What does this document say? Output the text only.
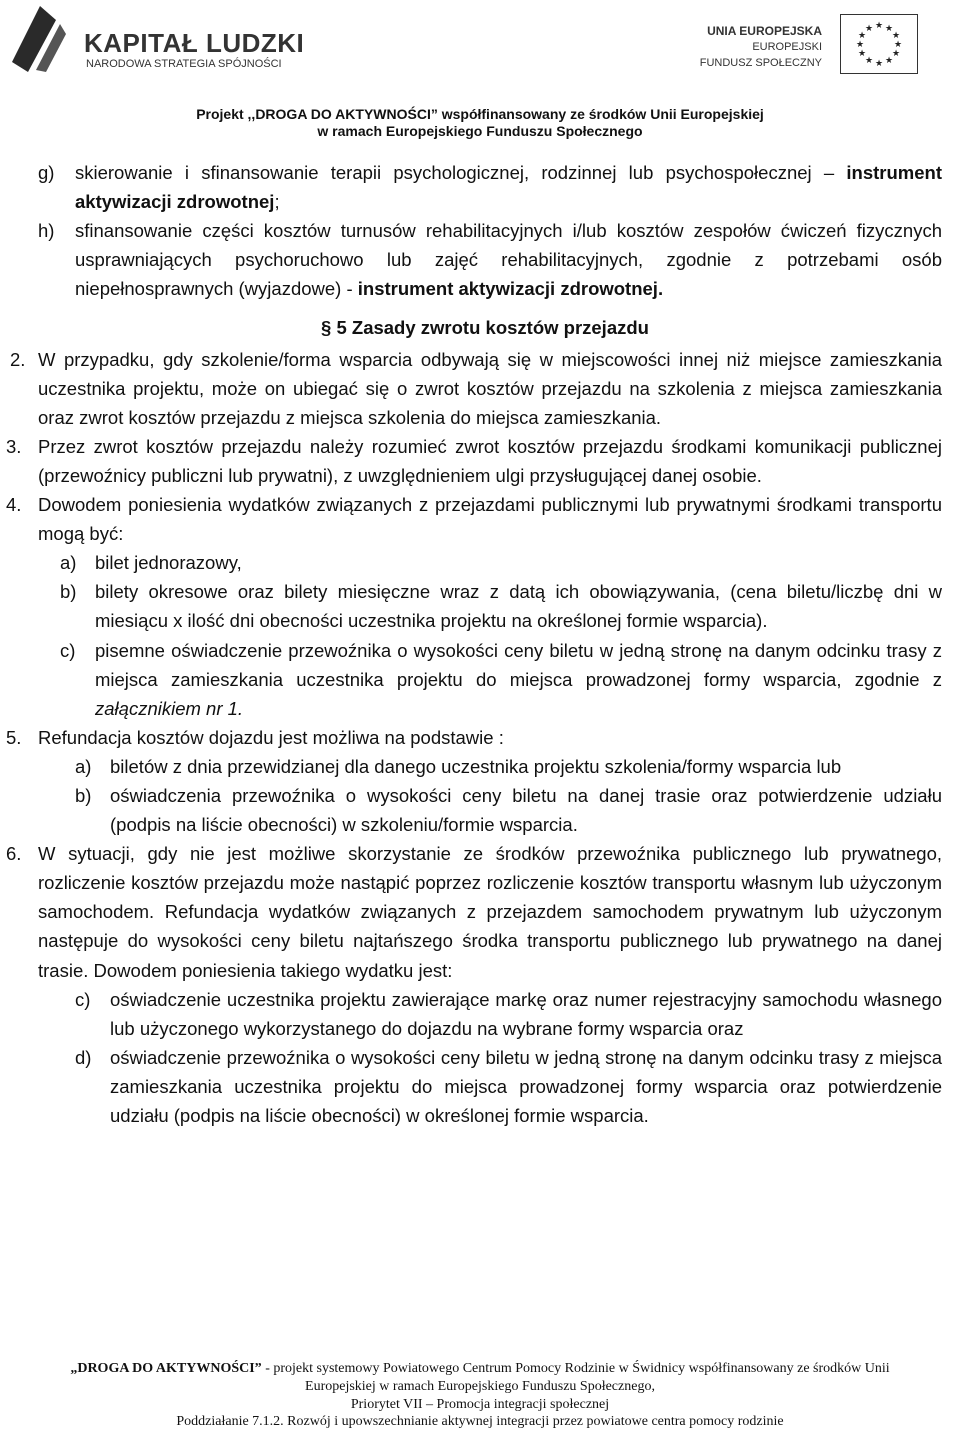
KAPITAŁ LUDZKI
NARODOWA STRATEGIA SPÓJNOŚCI
UNIA EUROPEJSKA
EUROPEJSKI
FUNDUSZ SPOŁECZNY
★ ★
★
★
★
★
★
★
★
★
★
★
Projekt ,,DROGA DO AKTYWNOŚCI” współfinansowany ze środków Unii Europejskiej
w ramach Europejskiego Funduszu Społecznego
g) skierowanie i sfinansowanie terapii psychologicznej, rodzinnej lub psychospołecznej – instrument aktywizacji zdrowotnej;
h) sfinansowanie części kosztów turnusów rehabilitacyjnych i/lub kosztów zespołów ćwiczeń fizycznych usprawniających psychoruchowo lub zajęć rehabilitacyjnych, zgodnie z potrzebami osób niepełnosprawnych (wyjazdowe) - instrument aktywizacji zdrowotnej.
§ 5 Zasady zwrotu kosztów przejazdu
2. W przypadku, gdy szkolenie/forma wsparcia odbywają się w miejscowości innej niż miejsce zamieszkania uczestnika projektu, może on ubiegać się o zwrot kosztów przejazdu na szkolenia z miejsca zamieszkania oraz zwrot kosztów przejazdu z miejsca szkolenia do miejsca zamieszkania.
3. Przez zwrot kosztów przejazdu należy rozumieć zwrot kosztów przejazdu środkami komunikacji publicznej (przewoźnicy publiczni lub prywatni), z uwzględnieniem ulgi przysługującej danej osobie.
4. Dowodem poniesienia wydatków związanych z przejazdami publicznymi lub prywatnymi środkami transportu mogą być:
a) bilet jednorazowy,
b) bilety okresowe oraz bilety miesięczne wraz z datą ich obowiązywania, (cena biletu/liczbę dni w miesiącu x ilość dni obecności uczestnika projektu na określonej formie wsparcia).
c) pisemne oświadczenie przewoźnika o wysokości ceny biletu w jedną stronę na danym odcinku trasy z miejsca zamieszkania uczestnika projektu do miejsca prowadzonej formy wsparcia, zgodnie z załącznikiem nr 1.
5. Refundacja kosztów dojazdu jest możliwa na podstawie :
a) biletów z dnia przewidzianej dla danego uczestnika projektu szkolenia/formy wsparcia lub
b) oświadczenia przewoźnika o wysokości ceny biletu na danej trasie oraz potwierdzenie udziału (podpis na liście obecności) w szkoleniu/formie wsparcia.
6. W sytuacji, gdy nie jest możliwe skorzystanie ze środków przewoźnika publicznego lub prywatnego, rozliczenie kosztów przejazdu może nastąpić poprzez rozliczenie kosztów transportu własnym lub użyczonym samochodem. Refundacja wydatków związanych z przejazdem samochodem prywatnym lub użyczonym następuje do wysokości ceny biletu najtańszego środka transportu publicznego lub prywatnego na danej trasie. Dowodem poniesienia takiego wydatku jest:
c) oświadczenie uczestnika projektu zawierające markę oraz numer rejestracyjny samochodu własnego lub użyczonego wykorzystanego do dojazdu na wybrane formy wsparcia oraz
d) oświadczenie przewoźnika o wysokości ceny biletu w jedną stronę na danym odcinku trasy z miejsca zamieszkania uczestnika projektu do miejsca prowadzonej formy wsparcia oraz potwierdzenie udziału (podpis na liście obecności) w określonej formie wsparcia.
„DROGA DO AKTYWNOŚCI” - projekt systemowy Powiatowego Centrum Pomocy Rodzinie w Świdnicy współfinansowany ze środków Unii
Europejskiej w ramach Europejskiego Funduszu Społecznego,
Priorytet VII – Promocja integracji społecznej
Poddziałanie 7.1.2. Rozwój i upowszechnianie aktywnej integracji przez powiatowe centra pomocy rodzinie
